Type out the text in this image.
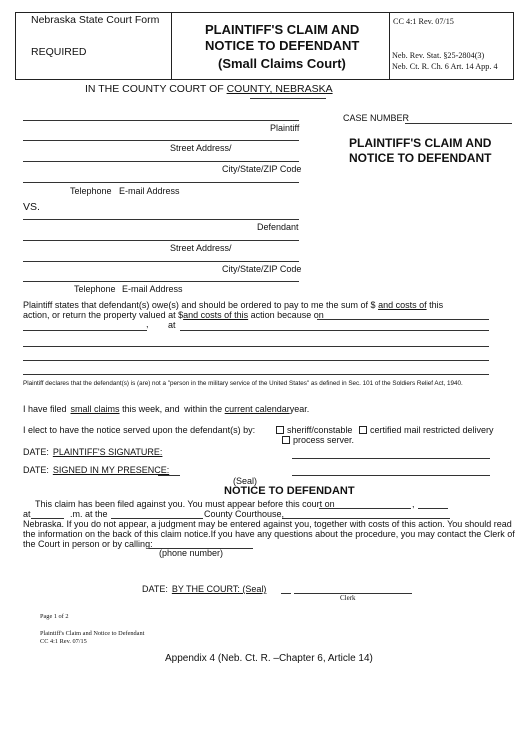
Nebraska State Court Form
REQUIRED
PLAINTIFF'S CLAIM AND
NOTICE TO DEFENDANT
(Small Claims Court)
CC 4:1 Rev. 07/15
Neb. Rev. Stat. §25-2804(3)
Neb. Ct. R. Ch. 6 Art. 14 App. 4
IN THE COUNTY COURT OF COUNTY, NEBRASKA
CASE NUMBER
PLAINTIFF'S CLAIM AND
NOTICE TO DEFENDANT
Plaintiff
Street Address/
City/State/ZIP Code
Telephone E-mail Address
VS.
Defendant
Street Address/
City/State/ZIP Code
Telephone E-mail Address
Plaintiff states that defendant(s) owe(s) and should be ordered to pay to me the sum of $ and costs of this
action, or return the property valued at $and costs of this action because on
, at
Plaintiff declares that the defendant(s) is (are) not a "person in the military service of the United States" as defined in Sec. 101 of the Soldiers Relief Act, 1940.
I have filed small claims this week, and within the current calendaryear.
I elect to have the notice served upon the defendant(s) by:	sheriff/constable	certified mail restricted delivery
process server.
DATE: PLAINTIFF'S SIGNATURE:
DATE: SIGNED IN MY PRESENCE:
(Seal)
NOTICE TO DEFENDANT
This claim has been filed against you. You must appear before this court on	,
at	.m. at the	County Courthouse,
Nebraska. If you do not appear, a judgment may be entered against you, together with costs of this action. You should read
the information on the back of this claim notice.If you have any questions about the procedure, you may contact the Clerk of
the Court in person or by calling:
(phone number)
DATE: BY THE COURT: (Seal)
Clerk
Page 1 of 2
Plaintiff's Claim and Notice to Defendant
CC 4:1 Rev. 07/15
Appendix 4 (Neb. Ct. R. –Chapter 6, Article 14)
